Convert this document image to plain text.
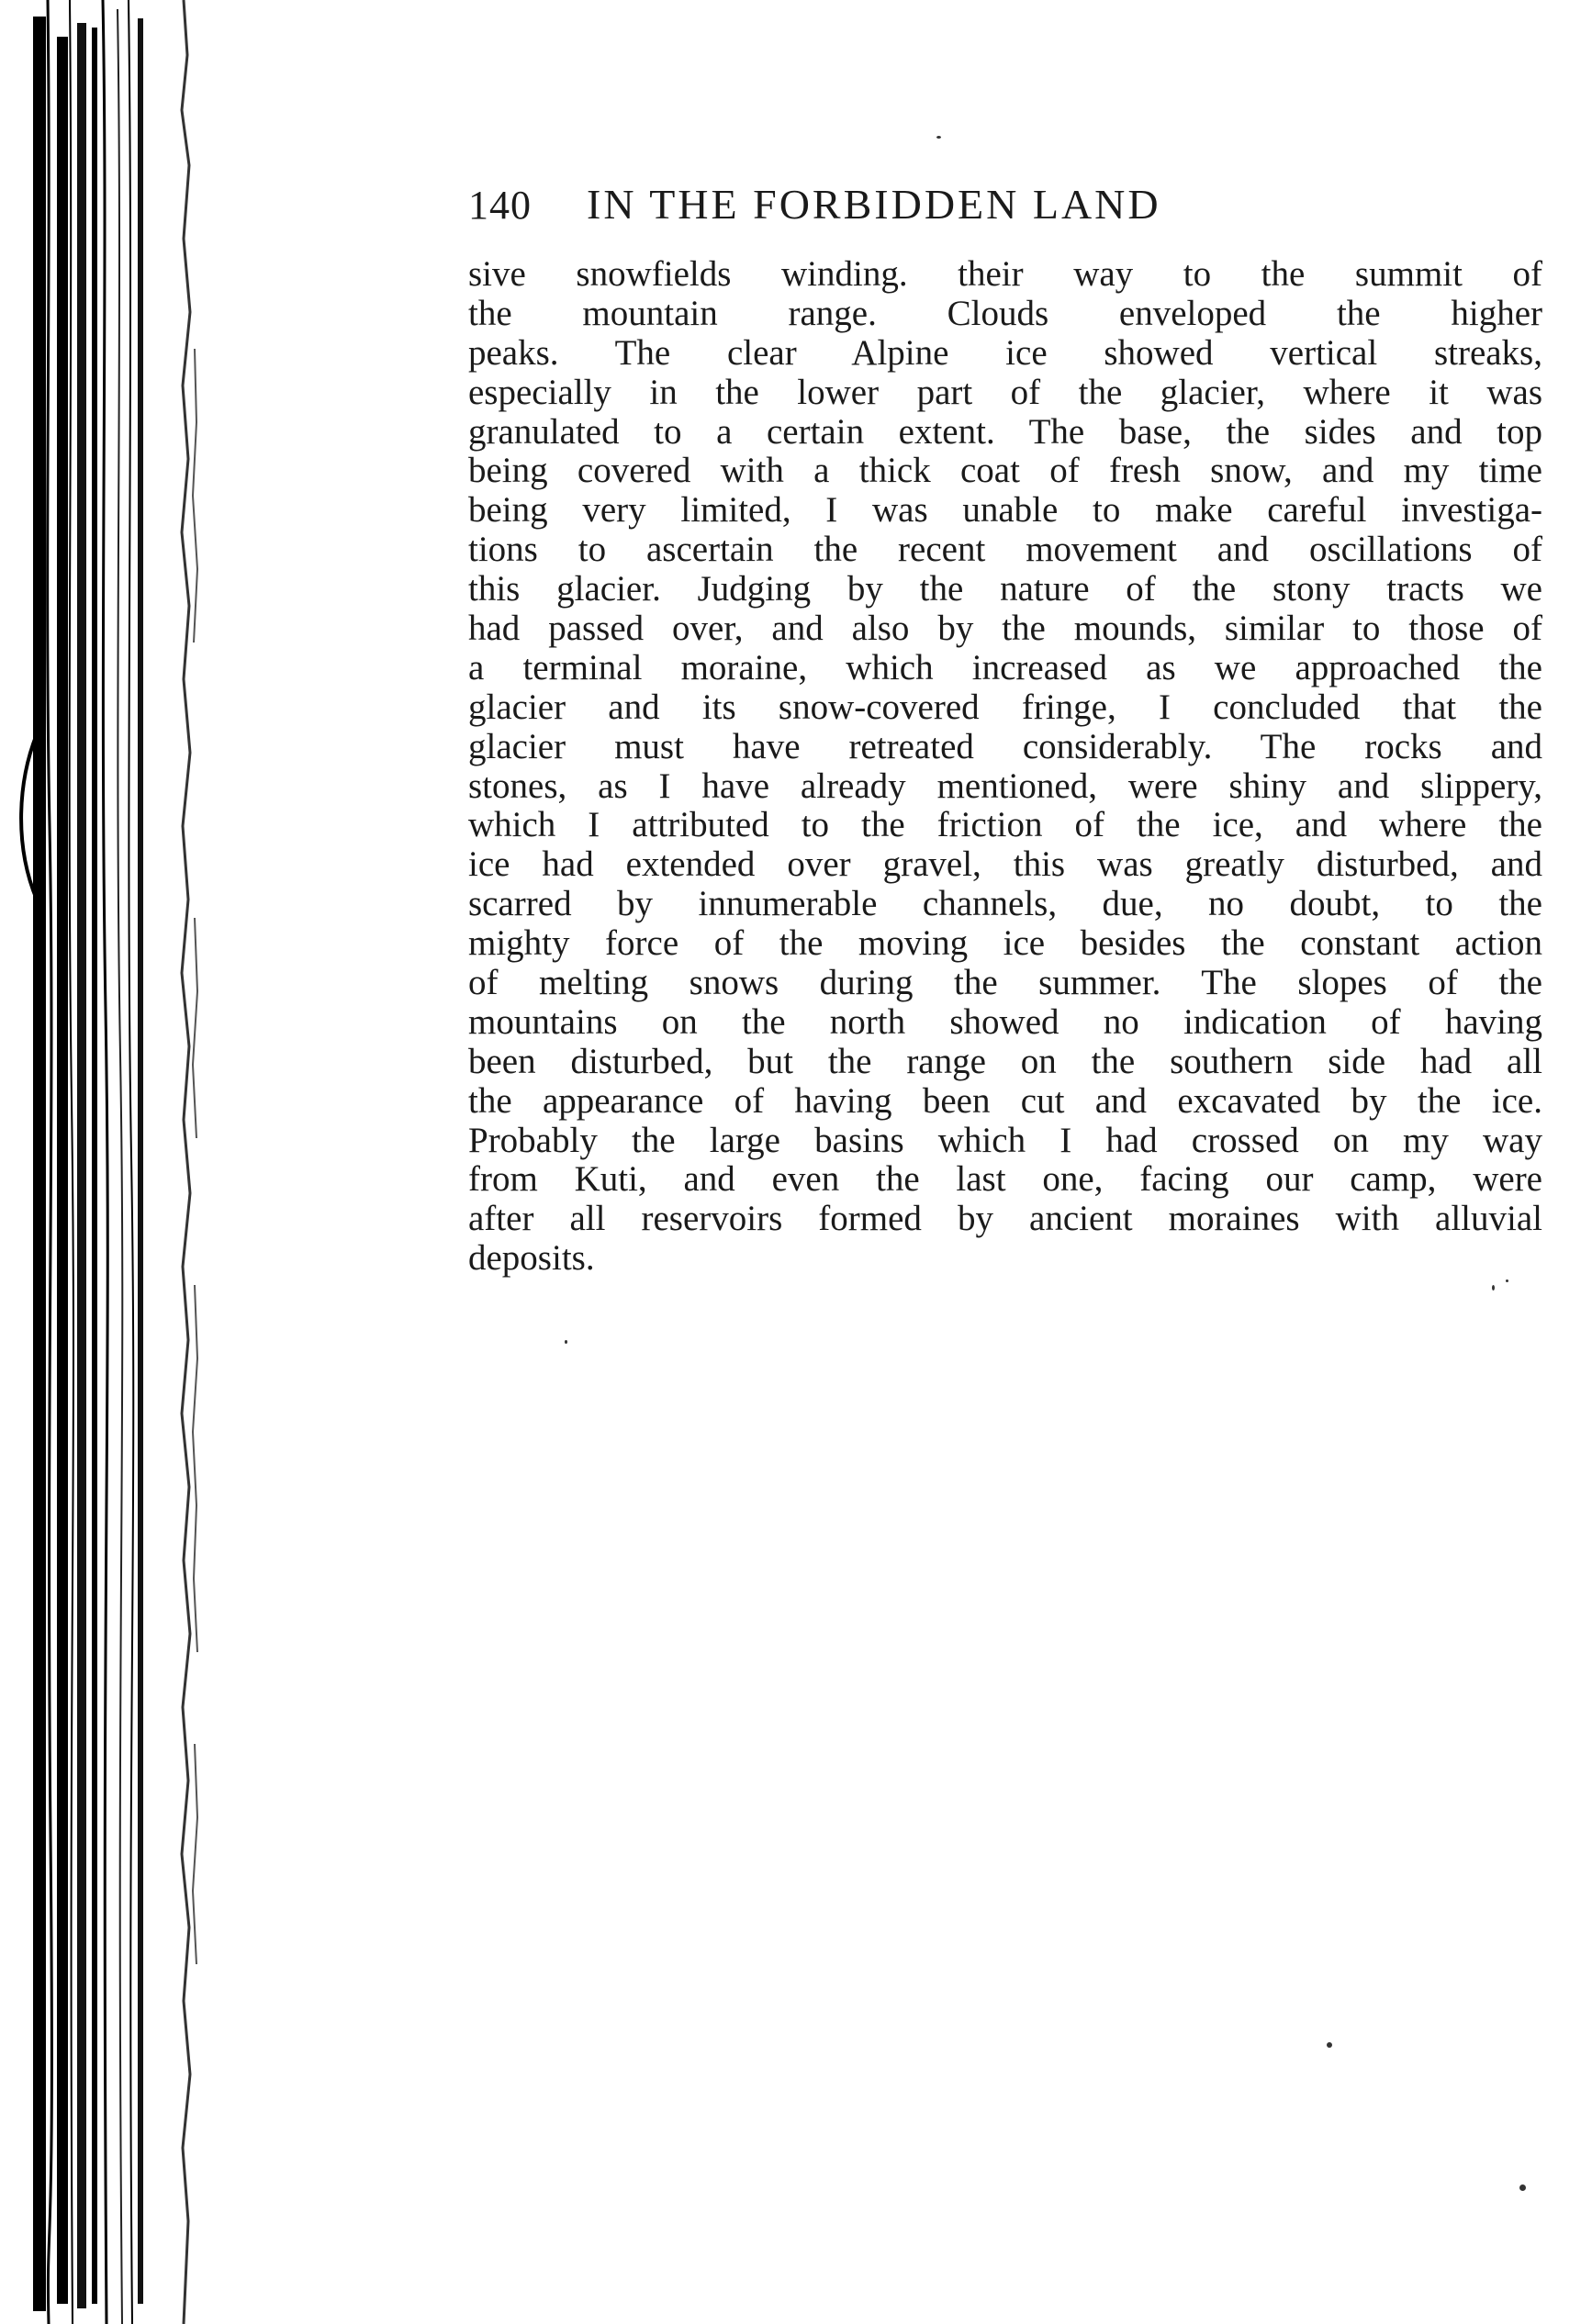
140 IN THE FORBIDDEN LAND
sive snowfields winding. their way to the summit of
the mountain range. Clouds enveloped the higher
peaks. The clear Alpine ice showed vertical streaks,
especially in the lower part of the glacier, where it was
granulated to a certain extent. The base, the sides and top
being covered with a thick coat of fresh snow, and my time
being very limited, I was unable to make careful investiga-
tions to ascertain the recent movement and oscillations of
this glacier. Judging by the nature of the stony tracts we
had passed over, and also by the mounds, similar to those of
a terminal moraine, which increased as we approached the
glacier and its snow-covered fringe, I concluded that the
glacier must have retreated considerably. The rocks and
stones, as I have already mentioned, were shiny and slippery,
which I attributed to the friction of the ice, and where the
ice had extended over gravel, this was greatly disturbed, and
scarred by innumerable channels, due, no doubt, to the
mighty force of the moving ice besides the constant action
of melting snows during the summer. The slopes of the
mountains on the north showed no indication of having
been disturbed, but the range on the southern side had all
the appearance of having been cut and excavated by the ice.
Probably the large basins which I had crossed on my way
from Kuti, and even the last one, facing our camp, were
after all reservoirs formed by ancient moraines with alluvial
deposits.
